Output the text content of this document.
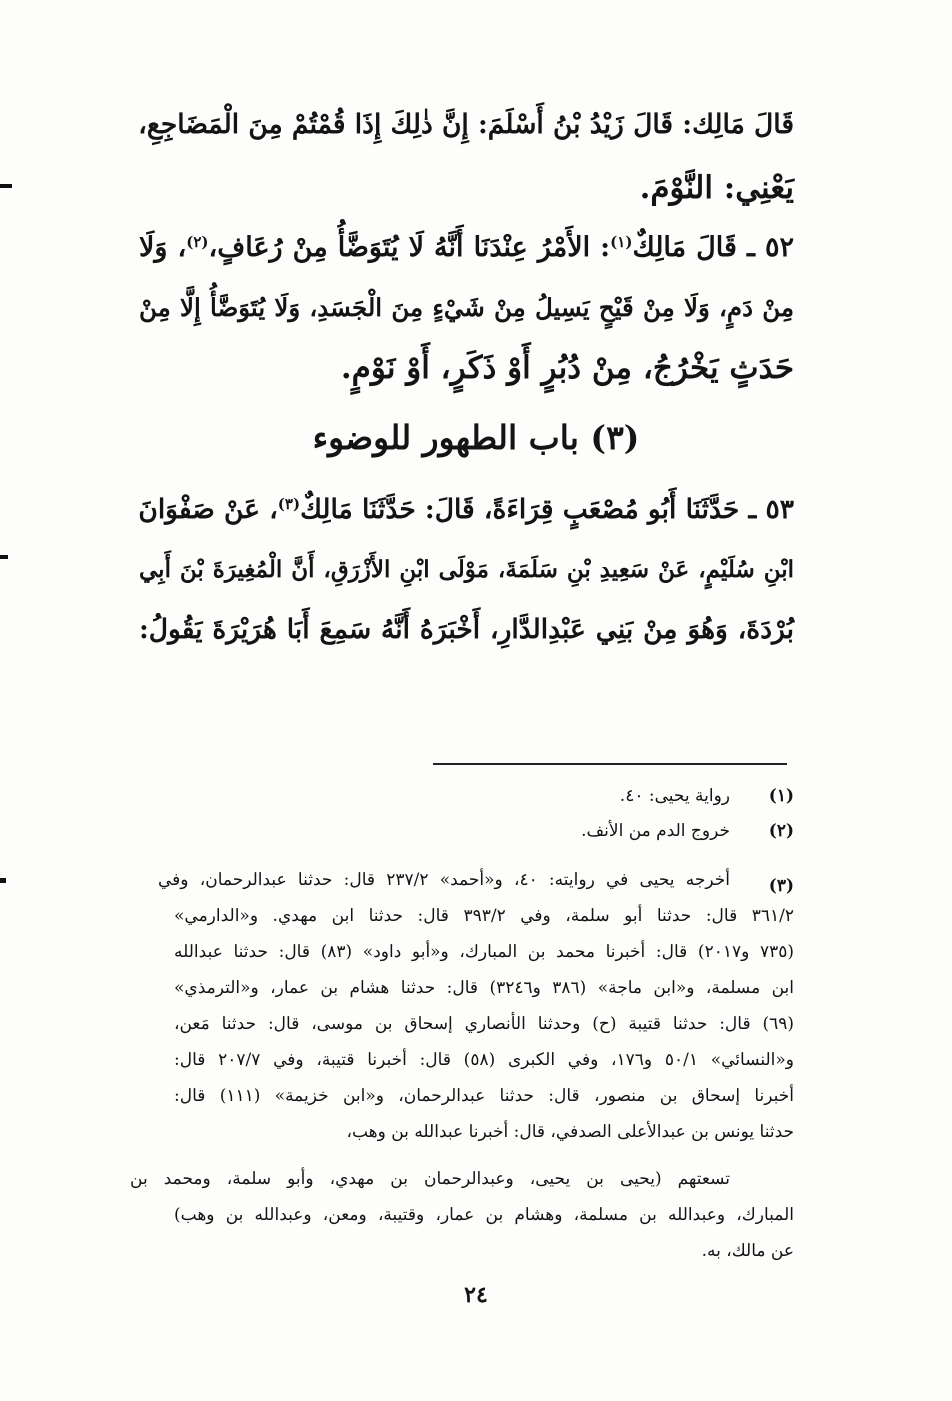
قَالَ مَالِك: قَالَ زَيْدُ بْنُ أَسْلَمَ: إِنَّ ذٰلِكَ إِذَا قُمْتُمْ مِنَ الْمَضَاجِعِ،
يَعْنِي: النَّوْمَ.
٥٢ ـ قَالَ مَالِكٌ$^{(١)}$: الأَمْرُ عِنْدَنَا أَنَّهُ لَا يُتَوَضَّأُ مِنْ رُعَافٍ،$^{(٢)}$، وَلَا
مِنْ دَمٍ، وَلَا مِنْ قَيْحٍ يَسِيلُ مِنْ شَيْءٍ مِنَ الْجَسَدِ، وَلَا يُتَوَضَّأُ إِلَّا مِنْ
حَدَثٍ يَخْرُجُ، مِنْ دُبُرٍ أَوْ ذَكَرٍ، أَوْ نَوْمٍ.
(٣) باب الطهور للوضوء
٥٣ ـ حَدَّثَنَا أَبُو مُصْعَبٍ قِرَاءَةً، قَالَ: حَدَّثَنَا مَالِكٌ$^{(٣)}$، عَنْ صَفْوَانَ
ابْنِ سُلَيْمٍ، عَنْ سَعِيدِ بْنِ سَلَمَةَ، مَوْلَى ابْنِ الأَزْرَقِ، أَنَّ الْمُغِيرَةَ بْنَ أَبِي
بُرْدَةَ، وَهُوَ مِنْ بَنِي عَبْدِالدَّارِ، أَخْبَرَهُ أَنَّهُ سَمِعَ أَبَا هُرَيْرَةَ يَقُولُ:
(١)
رواية يحيى: ٤٠.
(٢)
خروج الدم من الأنف.
(٣)
أخرجه يحيى في روايته: ٤٠، و«أحمد» ٢٣٧/٢ قال: حدثنا عبدالرحمان، وفي
٣٦١/٢ قال: حدثنا أبو سلمة، وفي ٣٩٣/٢ قال: حدثنا ابن مهدي. و«الدارمي»
(٧٣٥ و٢٠١٧) قال: أخبرنا محمد بن المبارك، و«أبو داود» (٨٣) قال: حدثنا عبدالله
ابن مسلمة، و«ابن ماجة» (٣٨٦ و٣٢٤٦) قال: حدثنا هشام بن عمار، و«الترمذي»
(٦٩) قال: حدثنا قتيبة (ح) وحدثنا الأنصاري إسحاق بن موسى، قال: حدثنا مَعن،
و«النسائي» ٥٠/١ و١٧٦، وفي الكبرى (٥٨) قال: أخبرنا قتيبة، وفي ٢٠٧/٧ قال:
أخبرنا إسحاق بن منصور، قال: حدثنا عبدالرحمان، و«ابن خزيمة» (١١١) قال:
حدثنا يونس بن عبدالأعلى الصدفي، قال: أخبرنا عبدالله بن وهب،
تسعتهم (يحيى بن يحيى، وعبدالرحمان بن مهدي، وأبو سلمة، ومحمد بن
المبارك، وعبدالله بن مسلمة، وهشام بن عمار، وقتيبة، ومعن، وعبدالله بن وهب)
عن مالك، به.
٢٤
